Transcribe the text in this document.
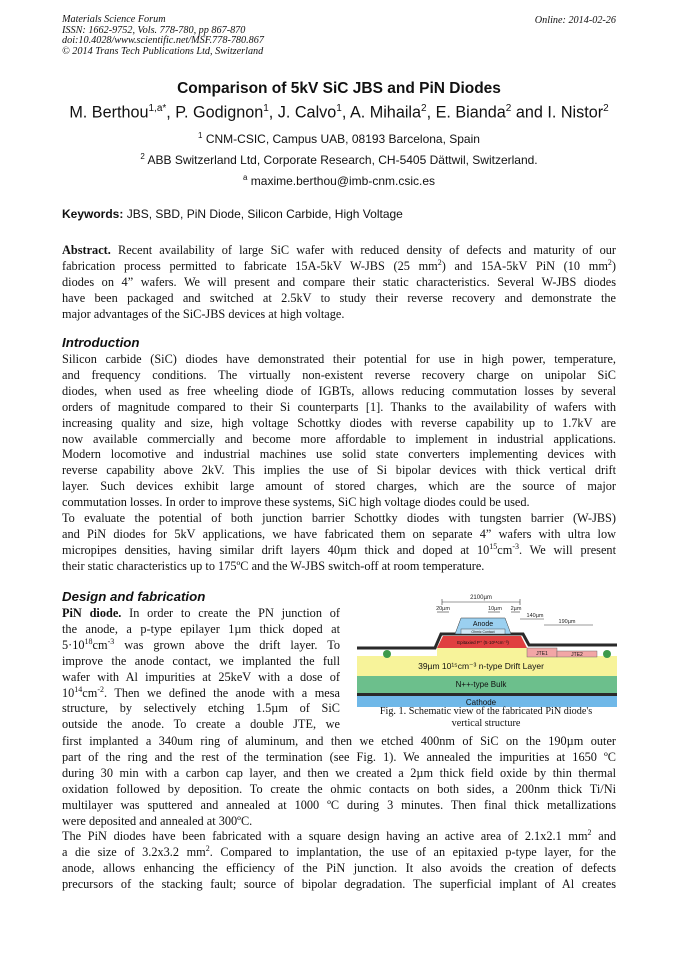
Materials Science Forum
ISSN: 1662-9752, Vols. 778-780, pp 867-870
doi:10.4028/www.scientific.net/MSF.778-780.867
© 2014 Trans Tech Publications Ltd, Switzerland
Online: 2014-02-26
Comparison of 5kV SiC JBS and PiN Diodes
M. Berthou$^{1,a*}$, P. Godignon$^1$, J. Calvo$^1$, A. Mihaila$^2$, E. Bianda$^2$ and I. Nistor$^2$
$^1$ CNM-CSIC, Campus UAB, 08193 Barcelona, Spain
$^2$ ABB Switzerland Ltd, Corporate Research, CH-5405 Dättwil, Switzerland.
$^a$ maxime.berthou@imb-cnm.csic.es
Keywords: JBS, SBD, PiN Diode, Silicon Carbide, High Voltage
Abstract. Recent availability of large SiC wafer with reduced density of defects and maturity of our
fabrication process permitted to fabricate 15A-5kV W-JBS (25 $mm^2$) and 15A-5kV PiN (10 $mm^2$)
diodes on 4” wafers. We will present and compare their static characteristics. Several W-JBS diodes
have been packaged and switched at 2.5kV to study their reverse recovery and demonstrate the
major advantages of the SiC-JBS devices at high voltage.
Introduction
Silicon carbide (SiC) diodes have demonstrated their potential for use in high power, temperature,
and frequency conditions. The virtually non-existent reverse recovery charge on unipolar SiC
diodes, when used as free wheeling diode of IGBTs, allows reducing commutation losses by several
orders of magnitude compared to their Si counterparts [1]. Thanks to the availability of wafers with
increasing quality and size, high voltage Schottky diodes with reverse capability up to 1.7kV are
now available commercially and become more affordable to implement in industrial applications.
Modern locomotive and industrial machines use solid state converters implementing devices with
reverse capability above 2kV. This implies the use of Si bipolar devices with thick vertical drift
layer. Such devices exhibit large amount of stored charges, which are the source of major
commutation losses. In order to improve these systems, SiC high voltage diodes could be used.
To evaluate the potential of both junction barrier Schottky diodes with tungsten barrier (W-JBS)
and PiN diodes for 5kV applications, we have fabricated them on separate 4” wafers with ultra low
micropipes densities, having similar drift layers 40µm thick and doped at $10^{15}cm^{-3}$. We will present
their static characteristics up to 175ºC and the W-JBS switch-off at room temperature.
Design and fabrication
PiN diode. In order to create the PN junction of
the anode, a p-type epilayer 1µm thick doped at
$5\cdot 10^{18}cm^{-3}$ was grown above the drift layer. To
improve the anode contact, we implanted the full
wafer with Al impurities at 25keV with a dose of
$10^{14}cm^{-2}$. Then we defined the anode with a mesa
structure, by selectively etching 1.5µm of SiC
outside the anode. To create a double JTE, we
first implanted a 340um ring of aluminum, and then we etched 400nm of SiC on the 190µm outer
part of the ring and the rest of the termination (see Fig. 1). We annealed the impurities at 1650 ºC
during 30 min with a carbon cap layer, and then we created a 2µm thick field oxide by thin thermal
oxidation followed by deposition. To create the ohmic contacts on both sides, a 200nm thick Ti/Ni
multilayer was sputtered and annealed at 1000 ºC during 3 minutes. Then final thick metallizations
were deposited and annealed at 300ºC.
The PiN diodes have been fabricated with a square design having an active area of 2.1x2.1 $mm^2$ and
a die size of 3.2x3.2 $mm^2$. Compared to implantation, the use of an epitaxied p-type layer, for the
anode, allows enhancing the efficiency of the PiN junction. It also avoids the creation of defects
precursors of the stacking fault; source of bipolar degradation. The superficial implant of Al creates
2100µm
20µm	10µm 2µm
140µm
190µm
Anode
Ohmic Contact
Epitaxied P⁺ (5·10¹⁸cm⁻³)
JTE1	JTE2
39µm 10¹⁵cm⁻³ n-type Drift Layer
N++-type Bulk
Cathode
Fig. 1. Schematic view of the fabricated PiN diode's
vertical structure
